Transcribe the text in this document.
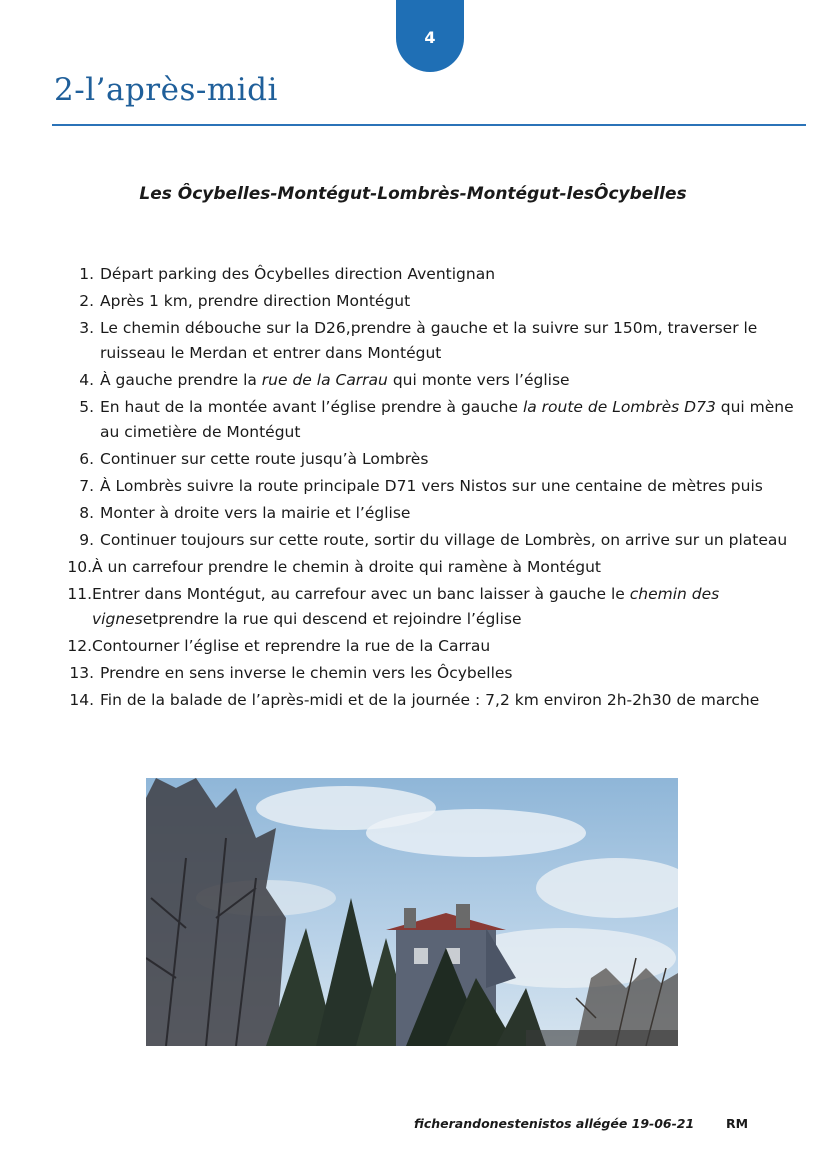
4
2-l’après-midi
Les Ôcybelles-Montégut-Lombrès-Montégut-lesÔcybelles
1. Départ parking des Ôcybelles direction Aventignan
2. Après 1 km, prendre direction Montégut
3. Le chemin débouche sur la D26,prendre à gauche et la suivre sur 150m, traverser le ruisseau le Merdan et entrer dans Montégut
4. À gauche prendre la rue de la Carrau qui monte vers l’église
5. En haut de la montée avant l’église prendre à gauche la route de Lombrès D73 qui mène au cimetière de Montégut
6. Continuer sur cette route jusqu’à Lombrès
7. À Lombrès suivre la route principale D71 vers Nistos sur une centaine de mètres puis
8. Monter à droite vers la mairie et l’église
9. Continuer toujours sur cette route, sortir du village de Lombrès, on arrive sur un plateau
10. À un carrefour prendre le chemin à droite qui ramène à Montégut
11. Entrer dans Montégut, au carrefour avec un banc laisser à gauche le chemin des vignesetprendre la rue qui descend et rejoindre l’église
12. Contourner l’église et reprendre la rue de la Carrau
13. Prendre en sens inverse le chemin vers les Ôcybelles
14. Fin de la balade de l’après-midi et de la journée : 7,2 km environ 2h-2h30 de marche
ficherandonestenistos allégée 19-06-21	RM
